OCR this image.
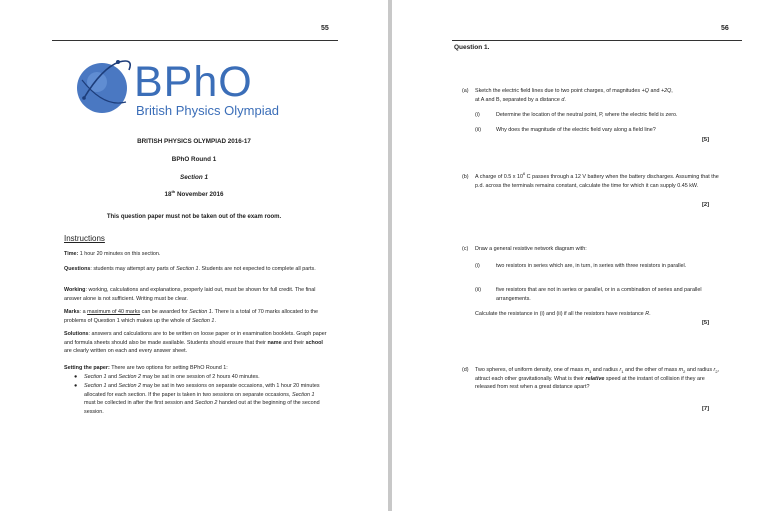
55
BPhO
British Physics Olympiad
BRITISH PHYSICS OLYMPIAD 2016-17
BPhO Round 1
Section 1
18th November 2016
This question paper must not be taken out of the exam room.
Instructions
Time: 1 hour 20 minutes on this section.
Questions: students may attempt any parts of Section 1. Students are not expected to complete all parts.
Working: working, calculations and explanations, properly laid out, must be shown for full credit. The final answer alone is not sufficient. Writing must be clear.
Marks: a maximum of 40 marks can be awarded for Section 1. There is a total of 70 marks allocated to the problems of Question 1 which makes up the whole of Section 1.
Solutions: answers and calculations are to be written on loose paper or in examination booklets. Graph paper and formula sheets should also be made available. Students should ensure that their name and their school are clearly written on each and every answer sheet.
Setting the paper: There are two options for setting BPhO Round 1:
●	Section 1 and Section 2 may be sat in one session of 2 hours 40 minutes.
●	Section 1 and Section 2 may be sat in two sessions on separate occasions, with 1 hour 20 minutes allocated for each section. If the paper is taken in two sessions on separate occasions, Section 1 must be collected in after the first session and Section 2 handed out at the beginning of the second session.
56
Question 1.
(a) Sketch the electric field lines due to two point charges, of magnitudes +Q and +2Q,
at A and B, separated by a distance d.
(i)	Determine the location of the neutral point, P, where the electric field is zero.
(ii)	Why does the magnitude of the electric field vary along a field line?
[5]
(b) A charge of 0.5 x $10^6$ C passes through a 12 V battery when the battery discharges. Assuming that the p.d. across the terminals remains constant, calculate the time for which it can supply 0.45 kW.
[2]
(c) Draw a general resistive network diagram with:
(i)	two resistors in series which are, in turn, in series with three resistors in parallel.
(ii)	five resistors that are not in series or parallel, or in a combination of series and parallel arrangements.
Calculate the resistance in (i) and (ii) if all the resistors have resistance R.
[5]
(d) Two spheres, of uniform density, one of mass $m_1$ and radius $r_1$ and the other of mass $m_2$ and radius $r_2$, attract each other gravitationally. What is their relative speed at the instant of collision if they are released from rest when a great distance apart?
[7]
